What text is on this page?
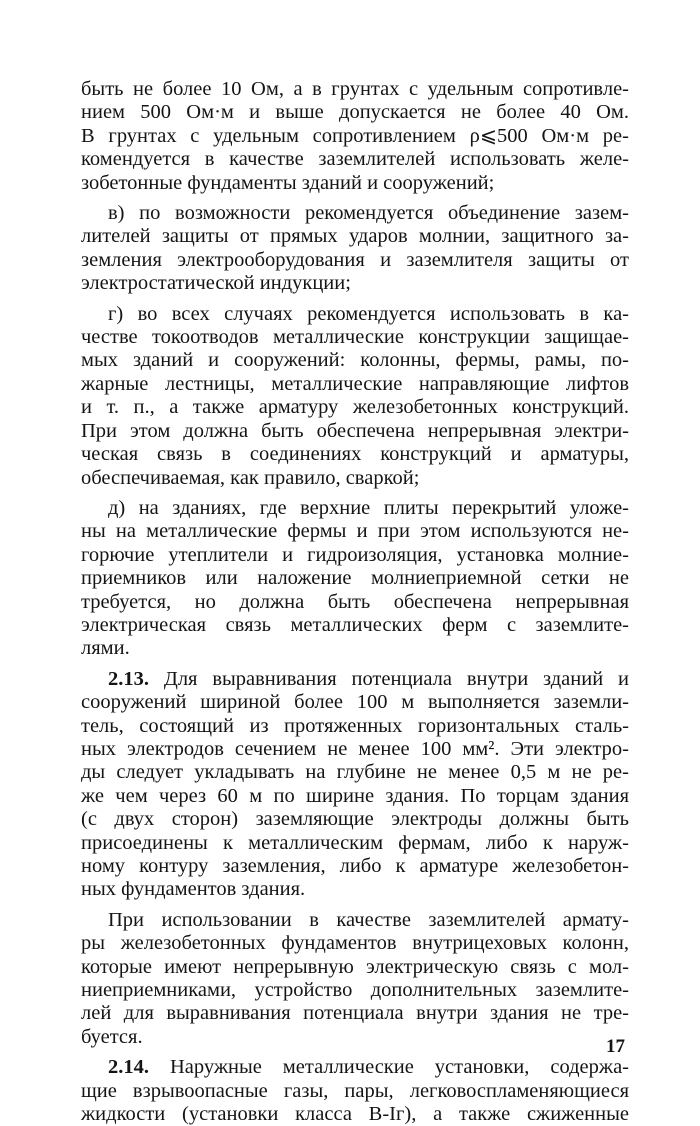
быть не более 10 Ом, а в грунтах с удельным сопротивле-
нием 500 Ом·м и выше допускается не более 40 Ом.
В грунтах с удельным сопротивлением ρ⩽500 Ом·м ре-
комендуется в качестве заземлителей использовать желе-
зобетонные фундаменты зданий и сооружений;
в) по возможности рекомендуется объединение зазем-
лителей защиты от прямых ударов молнии, защитного за-
земления электрооборудования и заземлителя защиты от
электростатической индукции;
г) во всех случаях рекомендуется использовать в ка-
честве токоотводов металлические конструкции защищае-
мых зданий и сооружений: колонны, фермы, рамы, по-
жарные лестницы, металлические направляющие лифтов
и т. п., а также арматуру железобетонных конструкций.
При этом должна быть обеспечена непрерывная электри-
ческая связь в соединениях конструкций и арматуры,
обеспечиваемая, как правило, сваркой;
д) на зданиях, где верхние плиты перекрытий уложе-
ны на металлические фермы и при этом используются не-
горючие утеплители и гидроизоляция, установка молние-
приемников или наложение молниеприемной сетки не
требуется, но должна быть обеспечена непрерывная
электрическая связь металлических ферм с заземлите-
лями.
2.13. Для выравнивания потенциала внутри зданий и
сооружений шириной более 100 м выполняется заземли-
тель, состоящий из протяженных горизонтальных сталь-
ных электродов сечением не менее 100 мм². Эти электро-
ды следует укладывать на глубине не менее 0,5 м не ре-
же чем через 60 м по ширине здания. По торцам здания
(с двух сторон) заземляющие электроды должны быть
присоединены к металлическим фермам, либо к наруж-
ному контуру заземления, либо к арматуре железобетон-
ных фундаментов здания.
При использовании в качестве заземлителей армату-
ры железобетонных фундаментов внутрицеховых колонн,
которые имеют непрерывную электрическую связь с мол-
ниеприемниками, устройство дополнительных заземлите-
лей для выравнивания потенциала внутри здания не тре-
буется.
2.14. Наружные металлические установки, содержа-
щие взрывоопасные газы, пары, легковоспламеняющиеся
жидкости (установки класса В-Iг), а также сжиженные
17
